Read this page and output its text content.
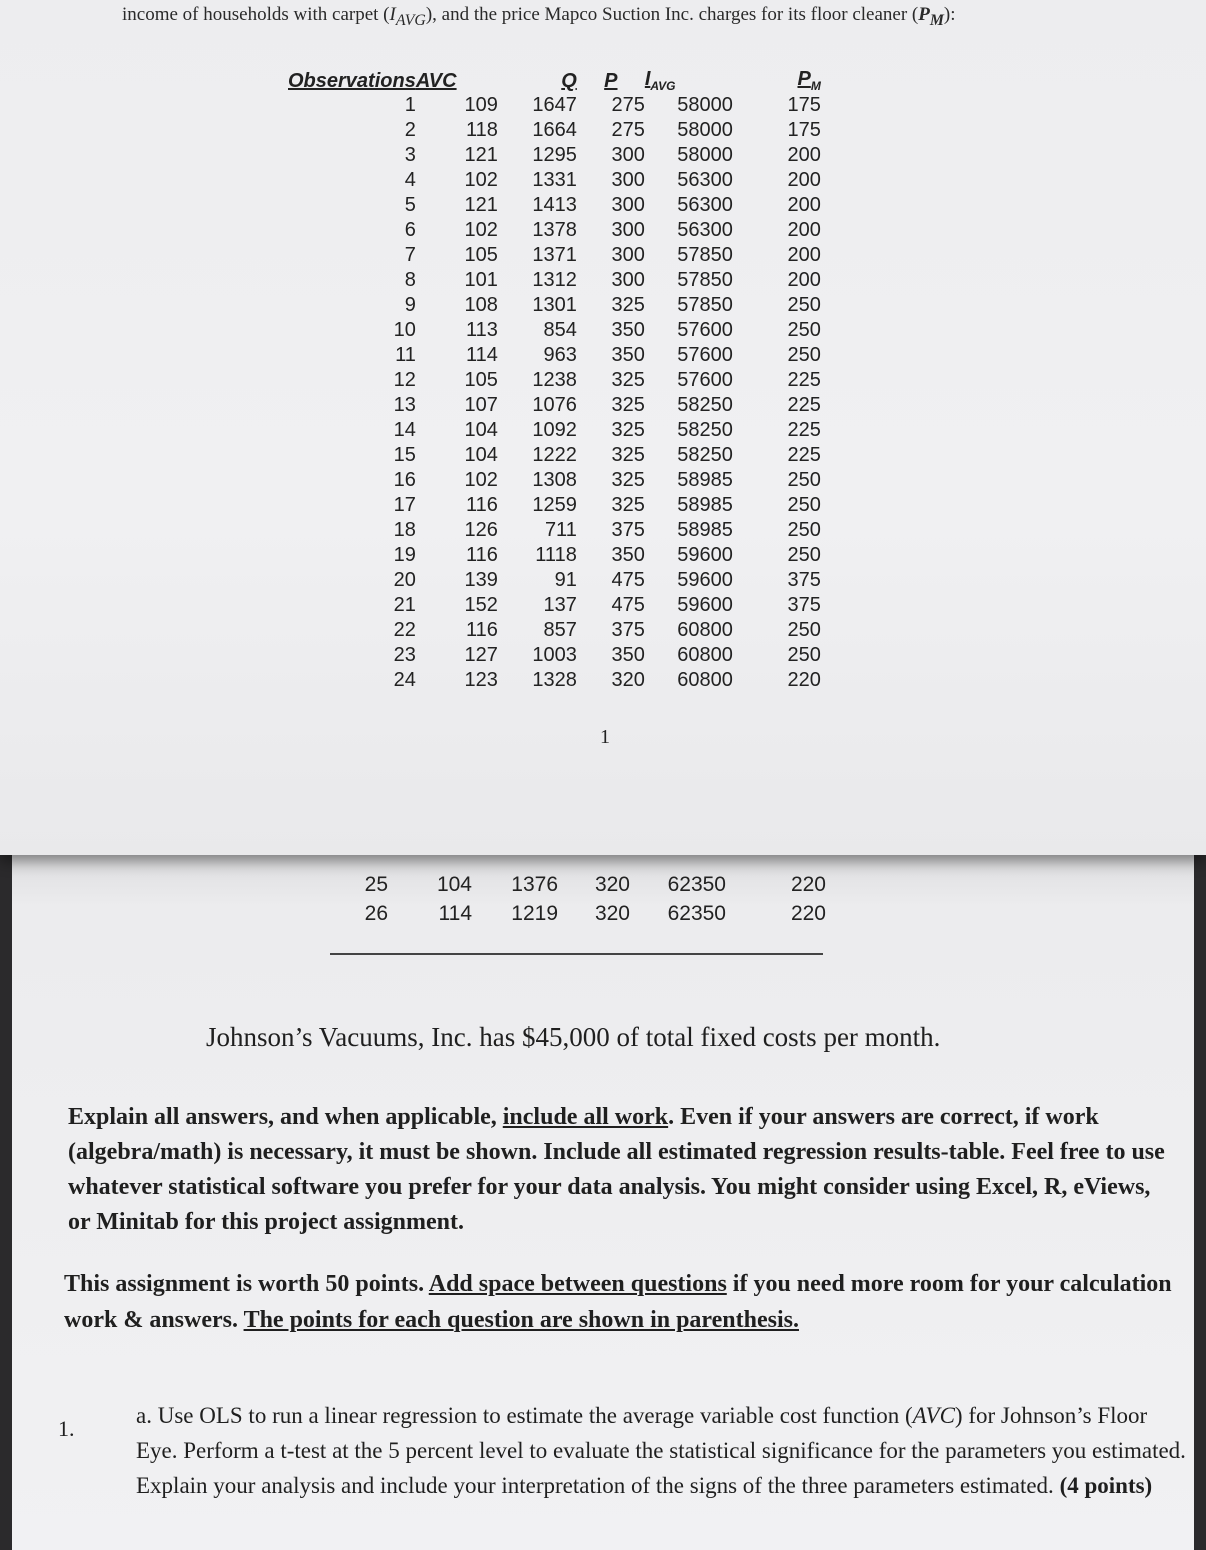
income of households with carpet $(I_{AVG})$, and the price Mapco Suction Inc. charges for its floor cleaner $(P_M)$:

Observations	AVC	Q	P	$I_{AVG}$	$P_M$
1	109	1647	275	58000	175
2	118	1664	275	58000	175
3	121	1295	300	58000	200
4	102	1331	300	56300	200
5	121	1413	300	56300	200
6	102	1378	300	56300	200
7	105	1371	300	57850	200
8	101	1312	300	57850	200
9	108	1301	325	57850	250
10	113	854	350	57600	250
11	114	963	350	57600	250
12	105	1238	325	57600	225
13	107	1076	325	58250	225
14	104	1092	325	58250	225
15	104	1222	325	58250	225
16	102	1308	325	58985	250
17	116	1259	325	58985	250
18	126	711	375	58985	250
19	116	1118	350	59600	250
20	139	91	475	59600	375
21	152	137	475	59600	375
22	116	857	375	60800	250
23	127	1003	350	60800	250
24	123	1328	320	60800	220

1

25	104	1376	320	62350	220
26	114	1219	320	62350	220

Johnson’s Vacuums, Inc. has $45,000 of total fixed costs per month.

Explain all answers, and when applicable, include all work. Even if your answers are correct, if work (algebra/math) is necessary, it must be shown. Include all estimated regression results-table. Feel free to use whatever statistical software you prefer for your data analysis. You might consider using Excel, R, eViews, or Minitab for this project assignment.

This assignment is worth 50 points. Add space between questions if you need more room for your calculation work & answers. The points for each question are shown in parenthesis.

1.

a. Use OLS to run a linear regression to estimate the average variable cost function (AVC) for Johnson’s Floor Eye. Perform a t-test at the 5 percent level to evaluate the statistical significance for the parameters you estimated. Explain your analysis and include your interpretation of the signs of the three parameters estimated. (4 points)
